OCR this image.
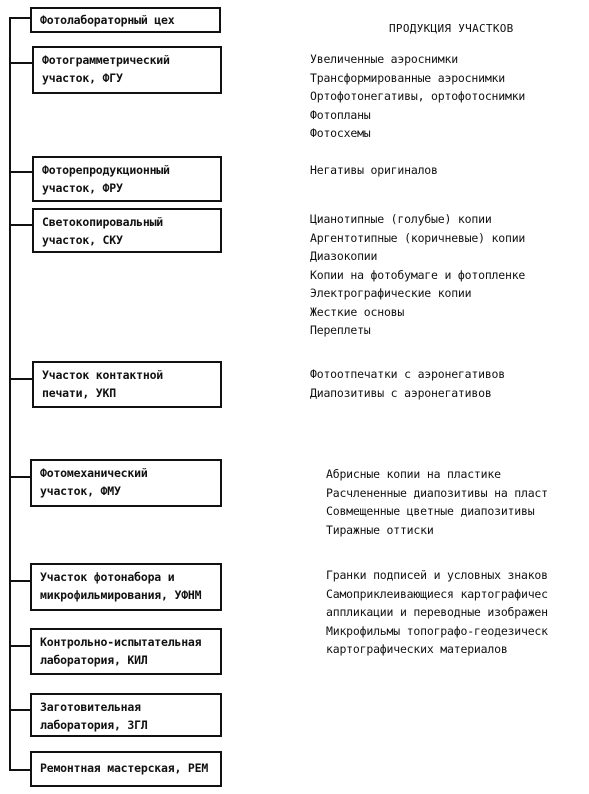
Фотолабораторный цех
ПРОДУКЦИЯ УЧАСТКОВ
Фотограмметрический
участок, ФГУ
Увеличенные аэроснимки
Трансформированные аэроснимки
Ортофотонегативы, ортофотоснимки
Фотопланы
Фотосхемы
Фоторепродукционный
участок, ФРУ
Негативы оригиналов
Светокопировальный
участок, СКУ
Цианотипные (голубые) копии
Аргентотипные (коричневые) копии
Диазокопии
Копии на фотобумаге и фотопленке
Электрографические копии
Жесткие основы
Переплеты
Участок контактной
печати, УКП
Фотоотпечатки с аэронегативов
Диапозитивы с аэронегативов
Фотомеханический
участок, ФМУ
Абрисные копии на пластике
Расчлененные диапозитивы на пласт
Совмещенные цветные диапозитивы
Тиражные оттиски
Участок фотонабора и
микрофильмирования, УФНМ
Гранки подписей и условных знаков
Самоприклеивающиеся картографичес
аппликации и переводные изображен
Микрофильмы топографо-геодезическ
картографических материалов
Контрольно-испытательная
лаборатория, КИЛ
Заготовительная
лаборатория, ЗГЛ
Ремонтная мастерская, РЕМ
